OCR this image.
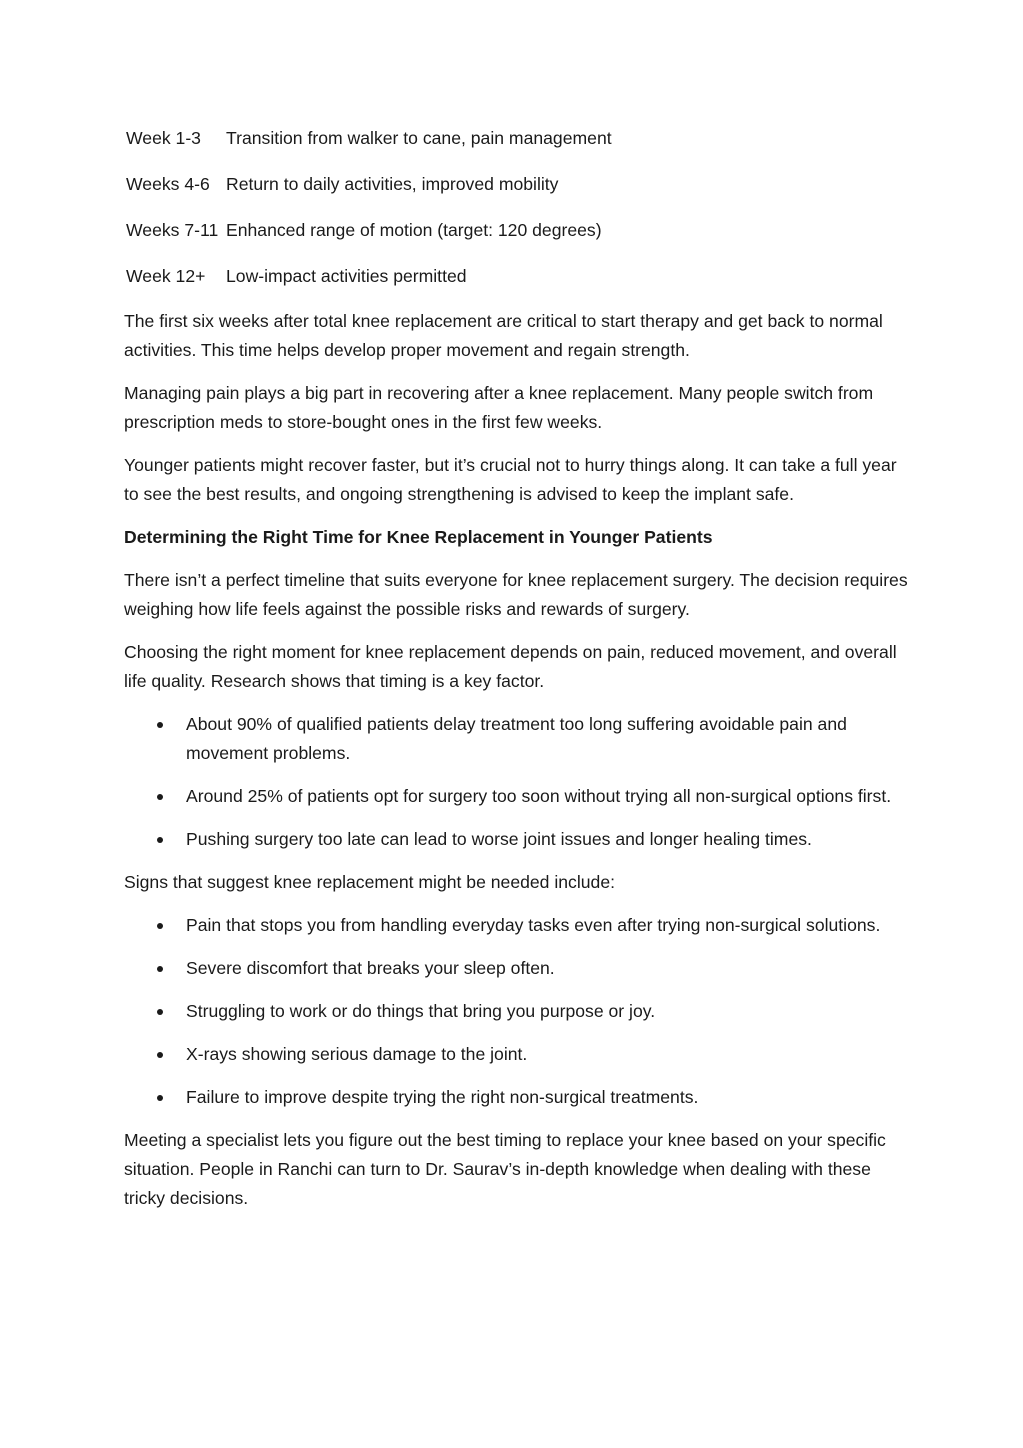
Week 1-3	Transition from walker to cane, pain management
Weeks 4-6 Return to daily activities, improved mobility
Weeks 7-11 Enhanced range of motion (target: 120 degrees)
Week 12+	Low-impact activities permitted

The first six weeks after total knee replacement are critical to start therapy and get back to normal activities. This time helps develop proper movement and regain strength.

Managing pain plays a big part in recovering after a knee replacement. Many people switch from prescription meds to store-bought ones in the first few weeks.

Younger patients might recover faster, but it’s crucial not to hurry things along. It can take a full year to see the best results, and ongoing strengthening is advised to keep the implant safe.

Determining the Right Time for Knee Replacement in Younger Patients

There isn’t a perfect timeline that suits everyone for knee replacement surgery. The decision requires weighing how life feels against the possible risks and rewards of surgery.

Choosing the right moment for knee replacement depends on pain, reduced movement, and overall life quality. Research shows that timing is a key factor.

About 90% of qualified patients delay treatment too long suffering avoidable pain and movement problems.
Around 25% of patients opt for surgery too soon without trying all non-surgical options first.
Pushing surgery too late can lead to worse joint issues and longer healing times.

Signs that suggest knee replacement might be needed include:

Pain that stops you from handling everyday tasks even after trying non-surgical solutions.
Severe discomfort that breaks your sleep often.
Struggling to work or do things that bring you purpose or joy.
X-rays showing serious damage to the joint.
Failure to improve despite trying the right non-surgical treatments.

Meeting a specialist lets you figure out the best timing to replace your knee based on your specific situation. People in Ranchi can turn to Dr. Saurav’s in-depth knowledge when dealing with these tricky decisions.
